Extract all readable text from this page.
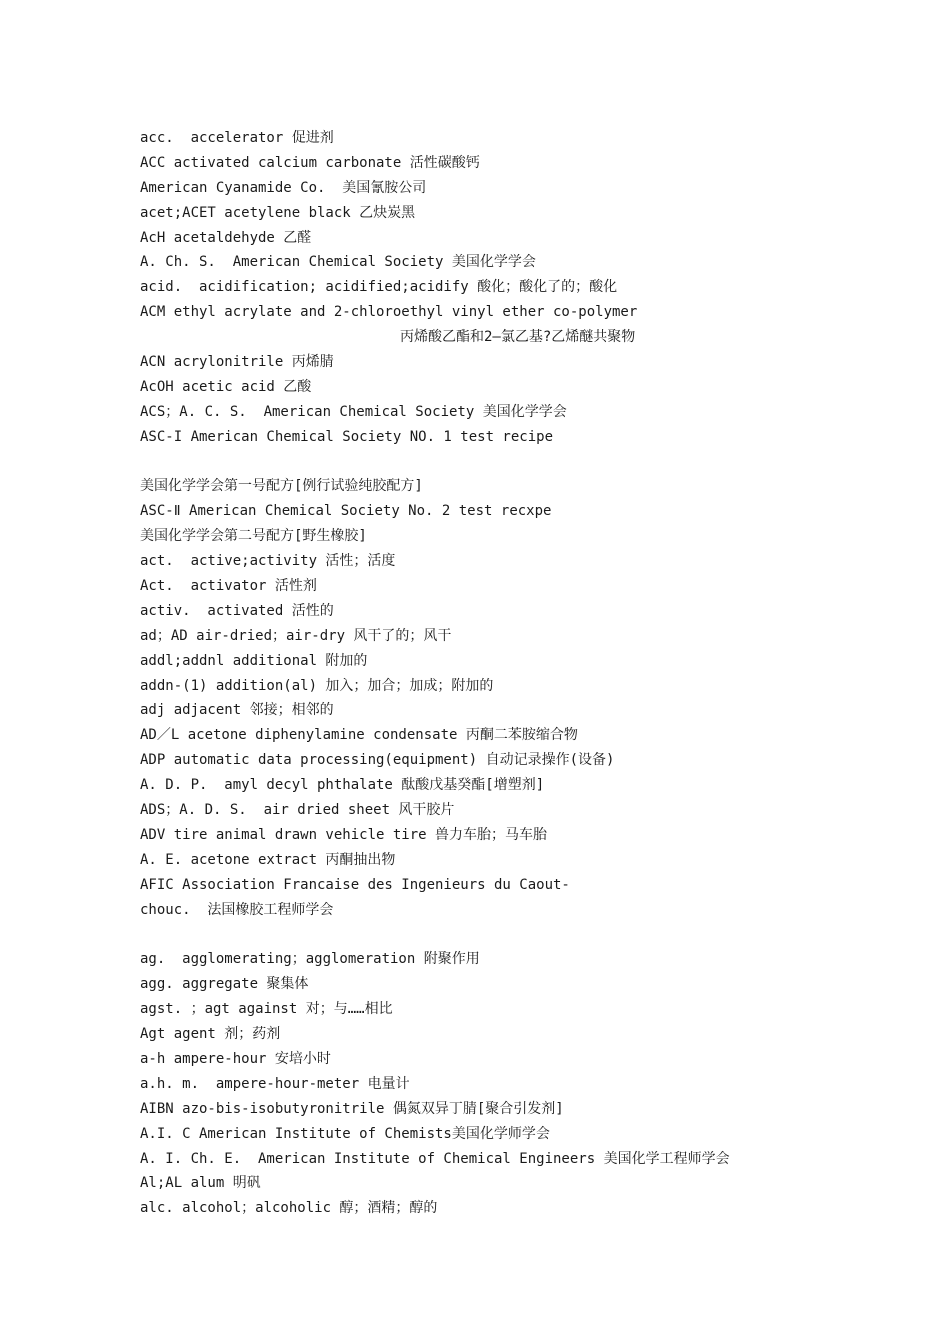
acc.  accelerator 促进剂
ACC activated calcium carbonate 活性碳酸钙
American Cyanamide Co.  美国氰胺公司
acet;ACET acetylene black 乙炔炭黑
AcH acetaldehyde 乙醛
A. Ch. S.  American Chemical Society 美国化学学会
acid.  acidification; acidified;acidify 酸化；酸化了的；酸化
ACM ethyl acrylate and 2-chloroethyl vinyl ether co-polymer
丙烯酸乙酯和2—氯乙基?乙烯醚共聚物
ACN acrylonitrile 丙烯腈
AcOH acetic acid 乙酸
ACS；A. C. S.  American Chemical Society 美国化学学会
ASC-I American Chemical Society NO. 1 test recipe
美国化学学会第一号配方[例行试验纯胶配方]
ASC-Ⅱ American Chemical Society No. 2 test recxpe
美国化学学会第二号配方[野生橡胶]
act.  active;activity 活性；活度
Act.  activator 活性剂
activ.  activated 活性的
ad；AD air-dried；air-dry 风干了的；风干
addl;addnl additional 附加的
addn-(1) addition(al) 加入；加合；加成；附加的
adj adjacent 邻接；相邻的
AD／L acetone diphenylamine condensate 丙酮二苯胺缩合物
ADP automatic data processing(equipment) 自动记录操作(设备)
A. D. P.  amyl decyl phthalate 酞酸戊基癸酯[增塑剂]
ADS；A. D. S.  air dried sheet 风干胶片
ADV tire animal drawn vehicle tire 兽力车胎；马车胎
A. E. acetone extract 丙酮抽出物
AFIC Association Francaise des Ingenieurs du Caout-
chouc.  法国橡胶工程师学会
ag.  agglomerating；agglomeration 附聚作用
agg. aggregate 聚集体
agst. ；agt against 对；与……相比
Agt agent 剂；药剂
a-h ampere-hour 安培小时
a.h. m.  ampere-hour-meter 电量计
AIBN azo-bis-isobutyronitrile 偶氮双异丁腈[聚合引发剂]
A.I. C American Institute of Chemists美国化学师学会
A. I. Ch. E.  American Institute of Chemical Engineers 美国化学工程师学会
Al;AL alum 明矾
alc. alcohol；alcoholic 醇；酒精；醇的
